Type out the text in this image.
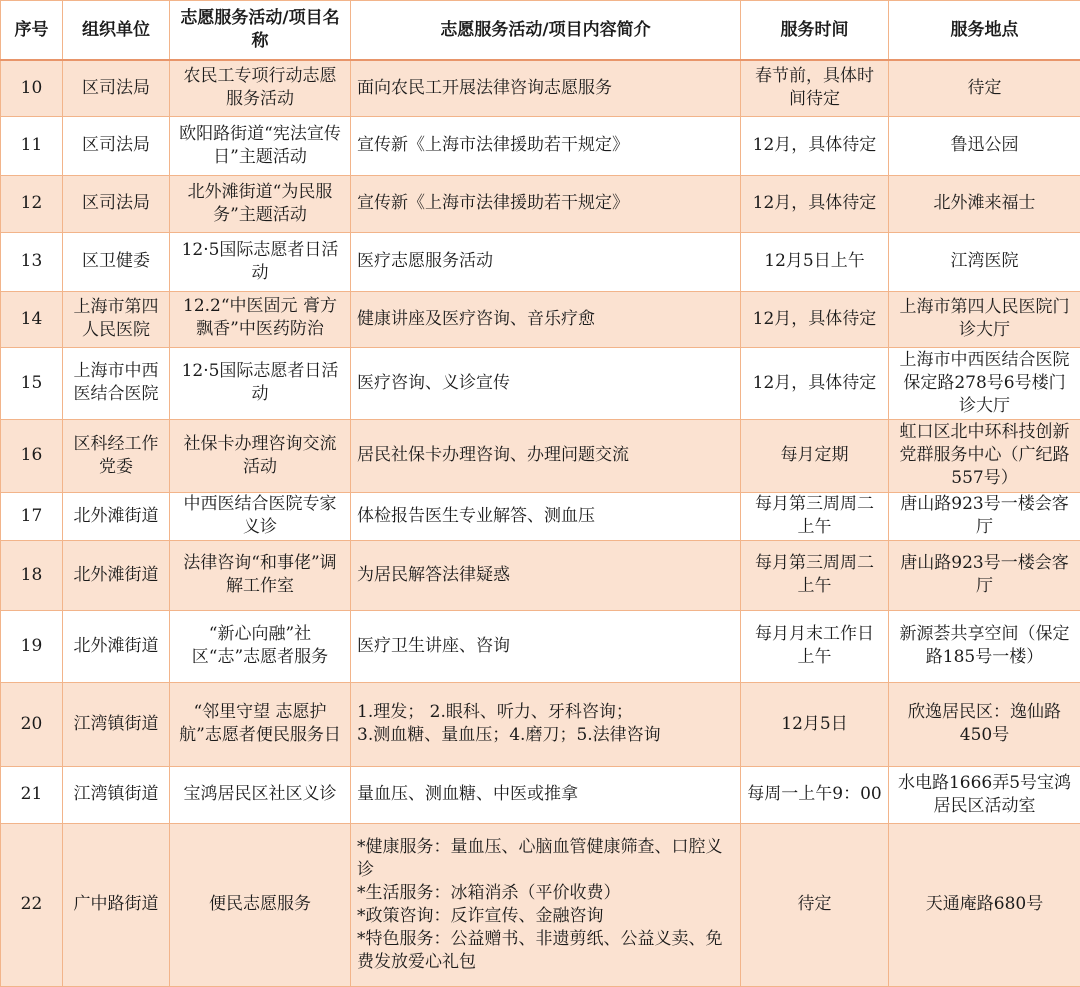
序号	组织单位	志愿服务活动/项目名称	志愿服务活动/项目内容简介	服务时间	服务地点
10	区司法局	农民工专项行动志愿服务活动	面向农民工开展法律咨询志愿服务	春节前，具体时间待定	待定
11	区司法局	欧阳路街道“宪法宣传日”主题活动	宣传新《上海市法律援助若干规定》	12月，具体待定	鲁迅公园
12	区司法局	北外滩街道“为民服务”主题活动	宣传新《上海市法律援助若干规定》	12月，具体待定	北外滩来福士
13	区卫健委	12·5国际志愿者日活动	医疗志愿服务活动	12月5日上午	江湾医院
14	上海市第四人民医院	12.2“中医固元 膏方飘香”中医药防治	健康讲座及医疗咨询、音乐疗愈	12月，具体待定	上海市第四人民医院门诊大厅
15	上海市中西医结合医院	12·5国际志愿者日活动	医疗咨询、义诊宣传	12月，具体待定	上海市中西医结合医院保定路278号6号楼门诊大厅
16	区科经工作党委	社保卡办理咨询交流活动	居民社保卡办理咨询、办理问题交流	每月定期	虹口区北中环科技创新党群服务中心（广纪路557号）
17	北外滩街道	中西医结合医院专家义诊	体检报告医生专业解答、测血压	每月第三周周二上午	唐山路923号一楼会客厅
18	北外滩街道	法律咨询“和事佬”调解工作室	为居民解答法律疑惑	每月第三周周二上午	唐山路923号一楼会客厅
19	北外滩街道	“新心向融”社区“志”志愿者服务	医疗卫生讲座、咨询	每月月末工作日上午	新源荟共享空间（保定路185号一楼）
20	江湾镇街道	“邻里守望 志愿护航”志愿者便民服务日	1.理发； 2.眼科、听力、牙科咨询；
3.测血糖、量血压；4.磨刀；5.法律咨询	12月5日	欣逸居民区：逸仙路450号
21	江湾镇街道	宝鸿居民区社区义诊	量血压、测血糖、中医或推拿	每周一上午9：00	水电路1666弄5号宝鸿居民区活动室
22	广中路街道	便民志愿服务	*健康服务：量血压、心脑血管健康筛查、口腔义诊
*生活服务：冰箱消杀（平价收费）
*政策咨询：反诈宣传、金融咨询
*特色服务：公益赠书、非遗剪纸、公益义卖、免费发放爱心礼包	待定	天通庵路680号
